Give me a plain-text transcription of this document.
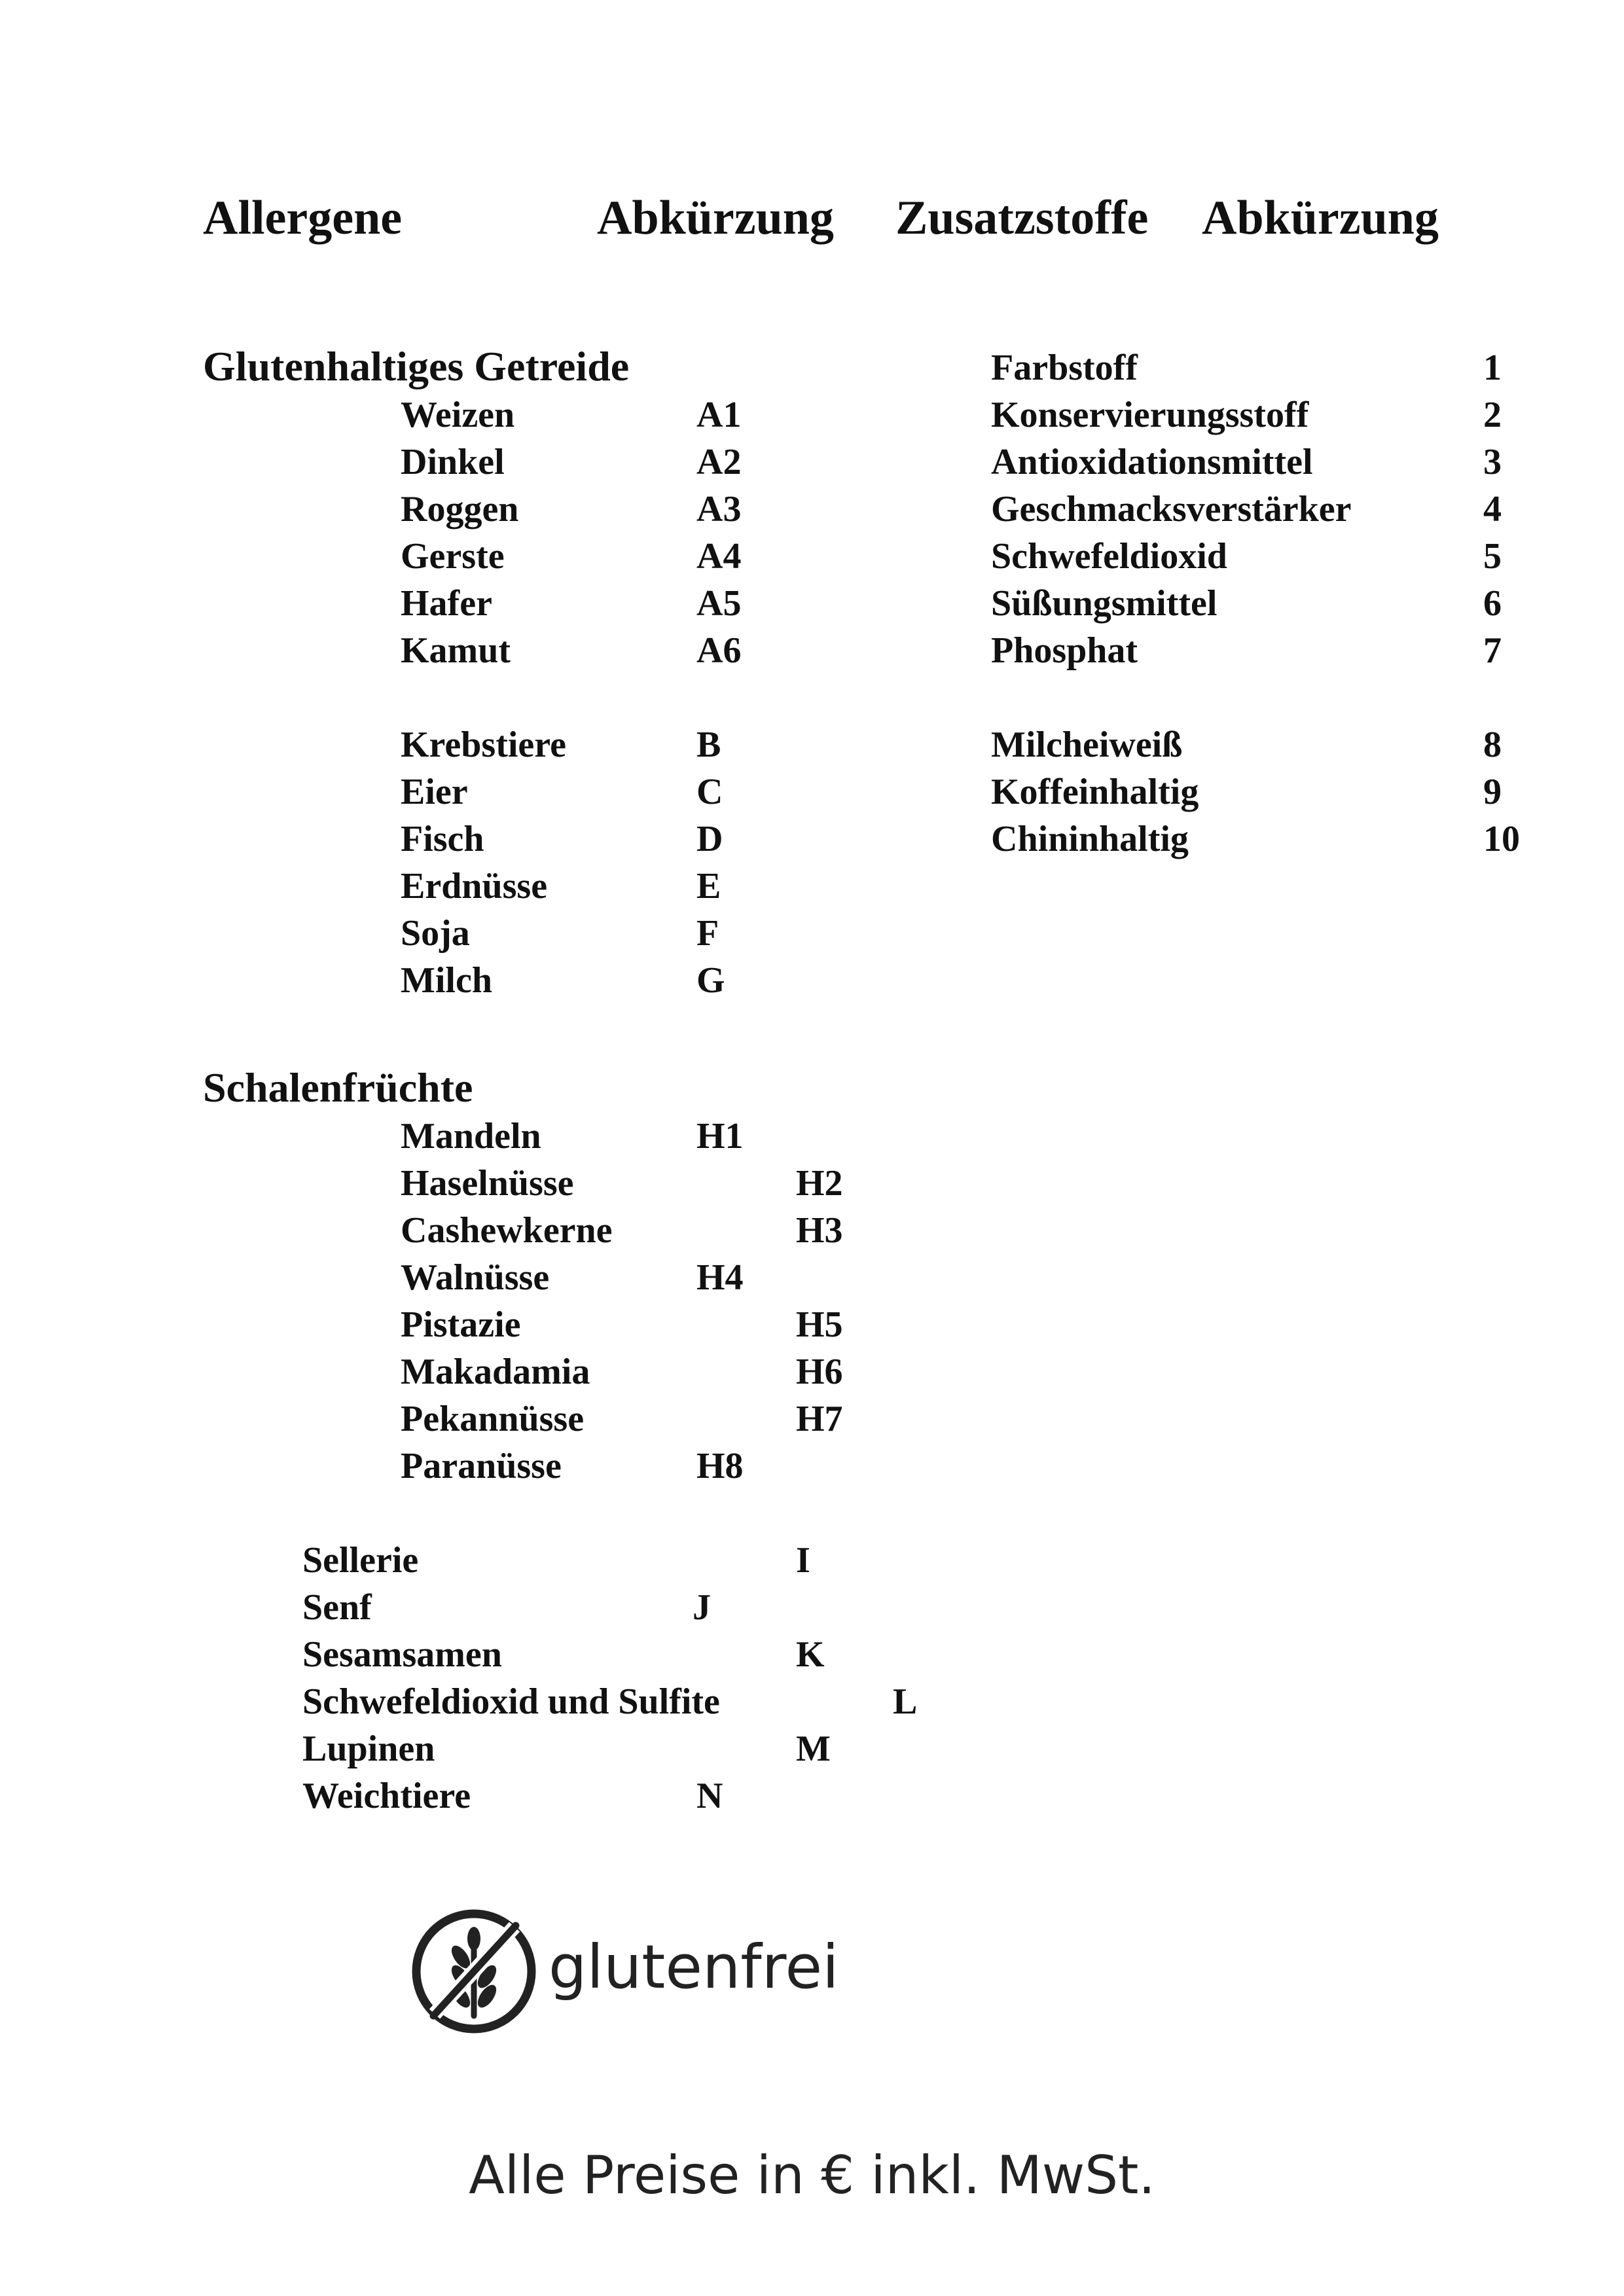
Allergene	Abkürzung Zusatzstoffe Abkürzung
Glutenhaltiges Getreide
Weizen	A1
Dinkel	A2
Roggen	A3
Gerste	A4
Hafer	A5
Kamut	A6
Krebstiere	B
Eier	C
Fisch	D
Erdnüsse	E
Soja	F
Milch	G
Schalenfrüchte
Mandeln	H1
Haselnüsse	H2
Cashewkerne	H3
Walnüsse	H4
Pistazie	H5
Makadamia	H6
Pekannüsse	H7
Paranüsse	H8
Sellerie	I
Senf	J
Sesamsamen	K
Schwefeldioxid und Sulfite	L
Lupinen	M
Weichtiere	N
Farbstoff	1
Konservierungsstoff	2
Antioxidationsmittel	3
Geschmacksverstärker	4
Schwefeldioxid	5
Süßungsmittel	6
Phosphat	7
Milcheiweiß	8
Koffeinhaltig	9
Chininhaltig	10
glutenfrei
Alle Preise in € inkl. MwSt.
